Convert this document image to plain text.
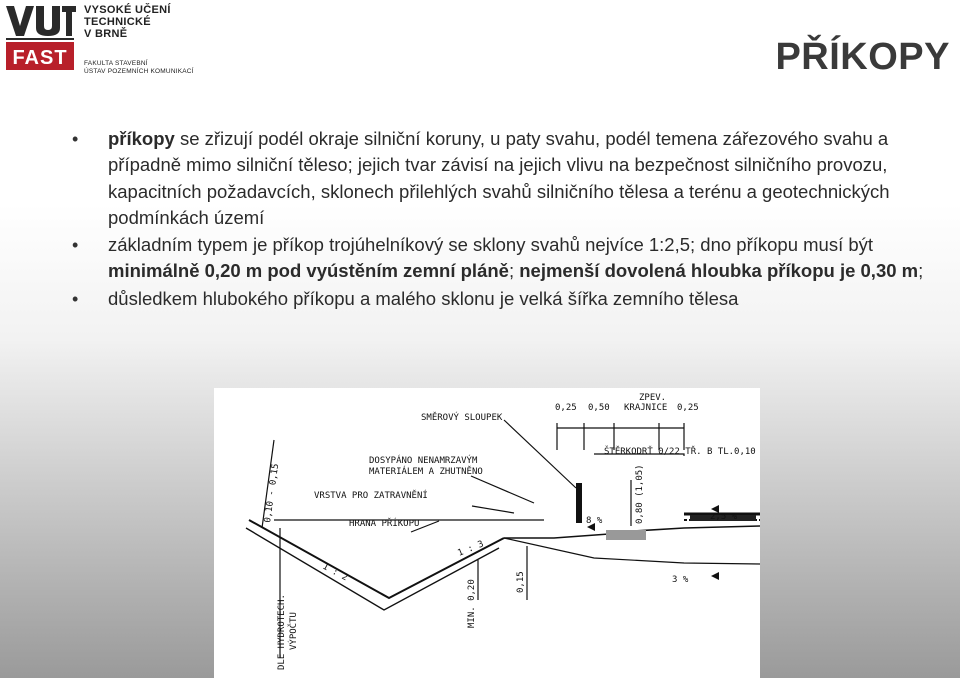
FAST
VYSOKÉ UČENÍ
TECHNICKÉ
V BRNĚ
FAKULTA STAVEBNÍ
ÚSTAV POZEMNÍCH KOMUNIKACÍ	PŘÍKOPY
• příkopy se zřizují podél okraje silniční koruny, u paty svahu, podél temena zářezového svahu a případně mimo silniční těleso; jejich tvar závisí na jejich vlivu na bezpečnost silničního provozu, kapacitních požadavcích, sklonech přilehlých svahů silničního tělesa a terénu a geotechnických podmínkách území
• základním typem je příkop trojúhelníkový se sklony svahů nejvíce 1:2,5; dno příkopu musí být minimálně 0,20 m pod vyústěním zemní pláně; nejmenší dovolená hloubka příkopu je 0,30 m;
• důsledkem hlubokého příkopu a malého sklonu je velká šířka zemního tělesa
SMĚROVÝ SLOUPEK
0,25 0,50
ZPEV.
KRAJNICE 0,25
DOSYPÁNO NENAMRZAVÝM
MATERIÁLEM A ZHUTNĚNO
ŠTĚRKODRŤ 0/22 TŘ. B TL.0,10
VRSTVA PRO ZATRAVNĚNÍ
HRANA PŘÍKOPU	8 %	2,5 %
3 %
1 : 3
1 : 2
0,80 (1,05)
MIN. 0,20	0,15
0,10 - 0,15
DLE HYDROTECH. VÝPOČTU
